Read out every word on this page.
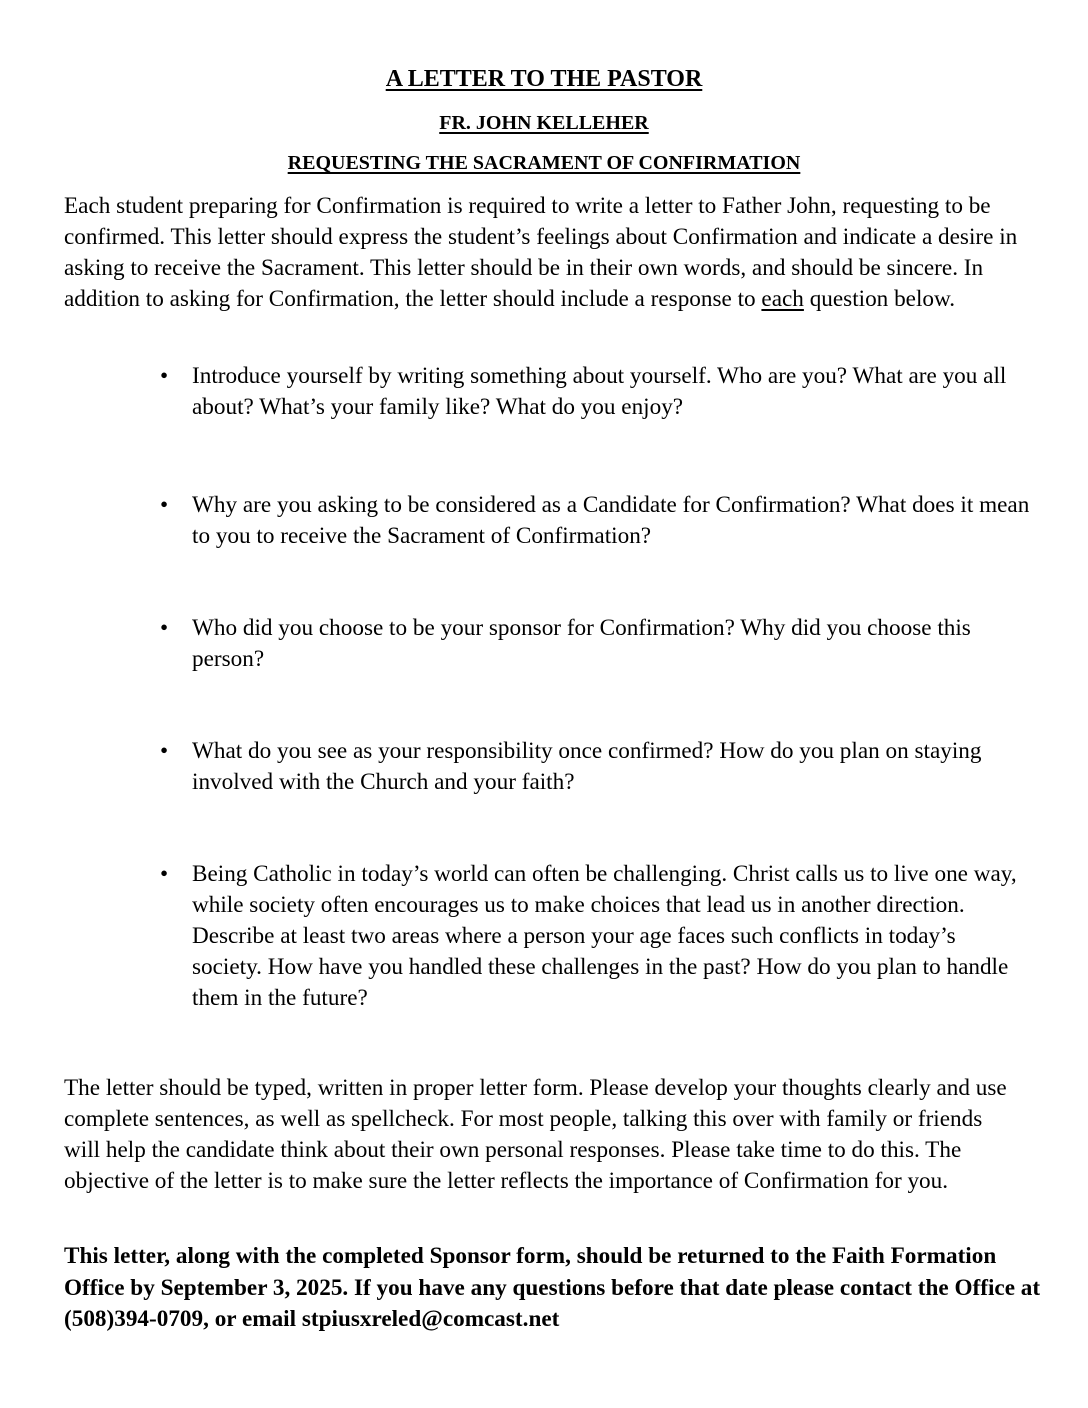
A LETTER TO THE PASTOR
FR. JOHN KELLEHER
REQUESTING THE SACRAMENT OF CONFIRMATION

Each student preparing for Confirmation is required to write a letter to Father John, requesting to be confirmed. This letter should express the student’s feelings about Confirmation and indicate a desire in asking to receive the Sacrament. This letter should be in their own words, and should be sincere. In addition to asking for Confirmation, the letter should include a response to each question below.

•	Introduce yourself by writing something about yourself. Who are you? What are you all about? What’s your family like? What do you enjoy?
•	Why are you asking to be considered as a Candidate for Confirmation? What does it mean to you to receive the Sacrament of Confirmation?
•	Who did you choose to be your sponsor for Confirmation? Why did you choose this person?
•	What do you see as your responsibility once confirmed? How do you plan on staying involved with the Church and your faith?
•	Being Catholic in today’s world can often be challenging. Christ calls us to live one way, while society often encourages us to make choices that lead us in another direction. Describe at least two areas where a person your age faces such conflicts in today’s society. How have you handled these challenges in the past? How do you plan to handle them in the future?

The letter should be typed, written in proper letter form. Please develop your thoughts clearly and use complete sentences, as well as spellcheck. For most people, talking this over with family or friends will help the candidate think about their own personal responses. Please take time to do this. The objective of the letter is to make sure the letter reflects the importance of Confirmation for you.

This letter, along with the completed Sponsor form, should be returned to the Faith Formation Office by September 3, 2025. If you have any questions before that date please contact the Office at (508)394-0709, or email stpiusxreled@comcast.net
